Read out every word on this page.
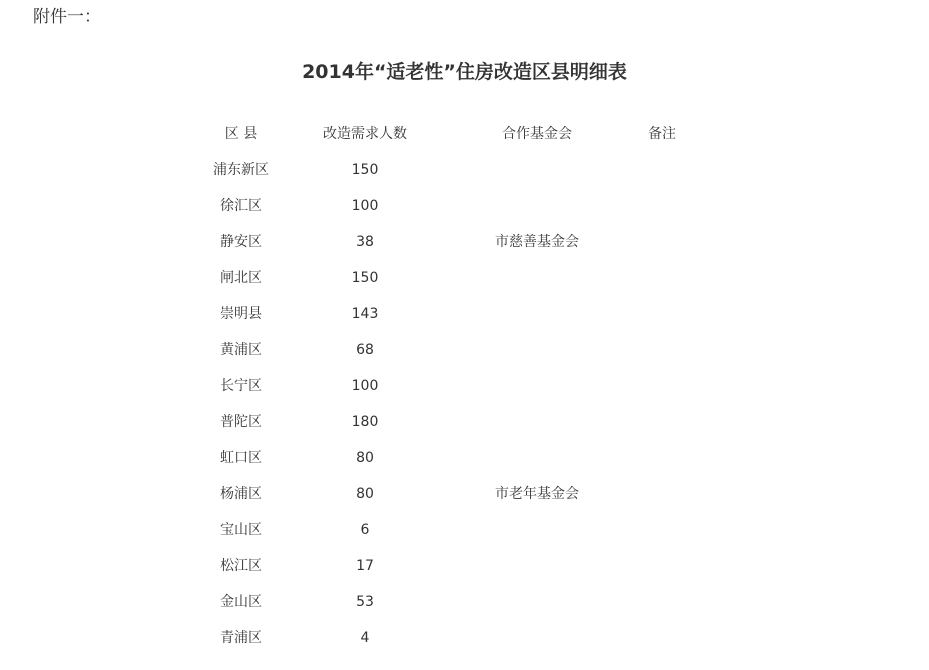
附件一：
2014年“适老性”住房改造区县明细表
区 县	改造需求人数	合作基金会	备注
浦东新区	150
徐汇区	100
静安区	38	市慈善基金会
闸北区	150
崇明县	143
黄浦区	68
长宁区	100
普陀区	180
虹口区	80
杨浦区	80	市老年基金会
宝山区	6
松江区	17
金山区	53
青浦区	4
